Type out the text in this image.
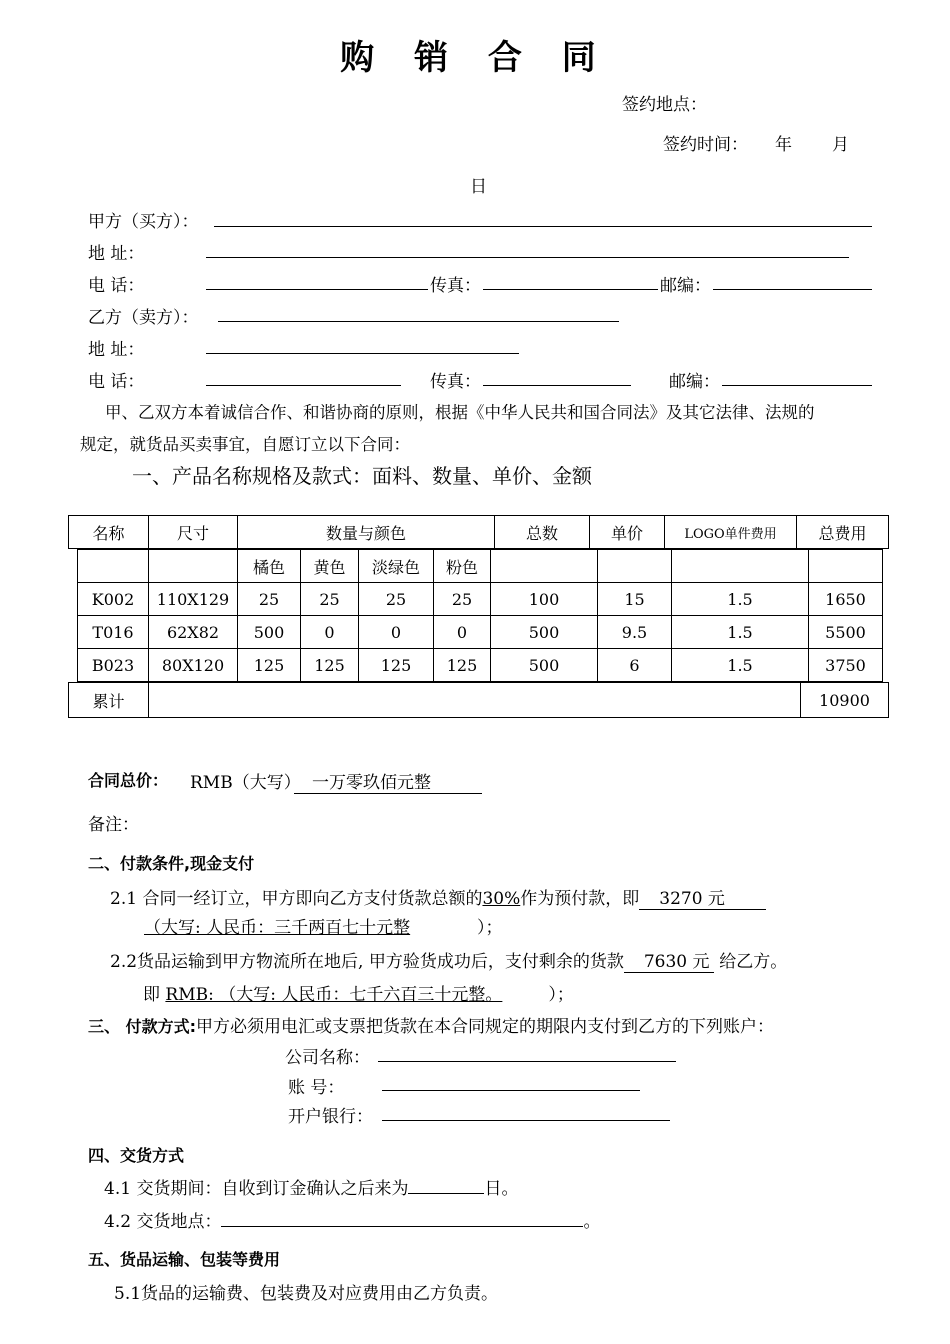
购 销 合 同
签约地点：
签约时间： 年 月
日
甲方（买方）：
地 址：
电 话：	传真：	邮编：
乙方（卖方）：
地 址：
电 话：	传真：	邮编：
甲、乙双方本着诚信合作、和谐协商的原则，根据《中华人民共和国合同法》及其它法律、法规的
规定，就货品买卖事宜，自愿订立以下合同：
一、产品名称规格及款式：面料、数量、单价、金额
名称	尺寸	数量与颜色	总数	单价	LOGO单件费用	总费用
		橘色	黄色	淡绿色	粉色				
K002	110X129	25	25	25	25	100	15	1.5	1650
T016	62X82	500	0	0	0	500	9.5	1.5	5500
B023	80X120	125	125	125	125	500	6	1.5	3750
累计		10900
合同总价： RMB（大写） 一万零玖佰元整
备注：
二、付款条件,现金支付
2.1 合同一经订立，甲方即向乙方支付货款总额的30%作为预付款，即 3270 元
（大写: 人民币：三千两百七十元整	）；
2.2货品运输到甲方物流所在地后, 甲方验货成功后，支付剩余的货款 7630 元 给乙方。
即 RMB: （大写: 人民币：七千六百三十元整。	）；
三、 付款方式:甲方必须用电汇或支票把货款在本合同规定的期限内支付到乙方的下列账户：
公司名称：
账 号：
开户银行：
四、交货方式
4.1 交货期间：自收到订金确认之后来为	日。
4.2 交货地点：	。
五、货品运输、包装等费用
5.1货品的运输费、包装费及对应费用由乙方负责。
